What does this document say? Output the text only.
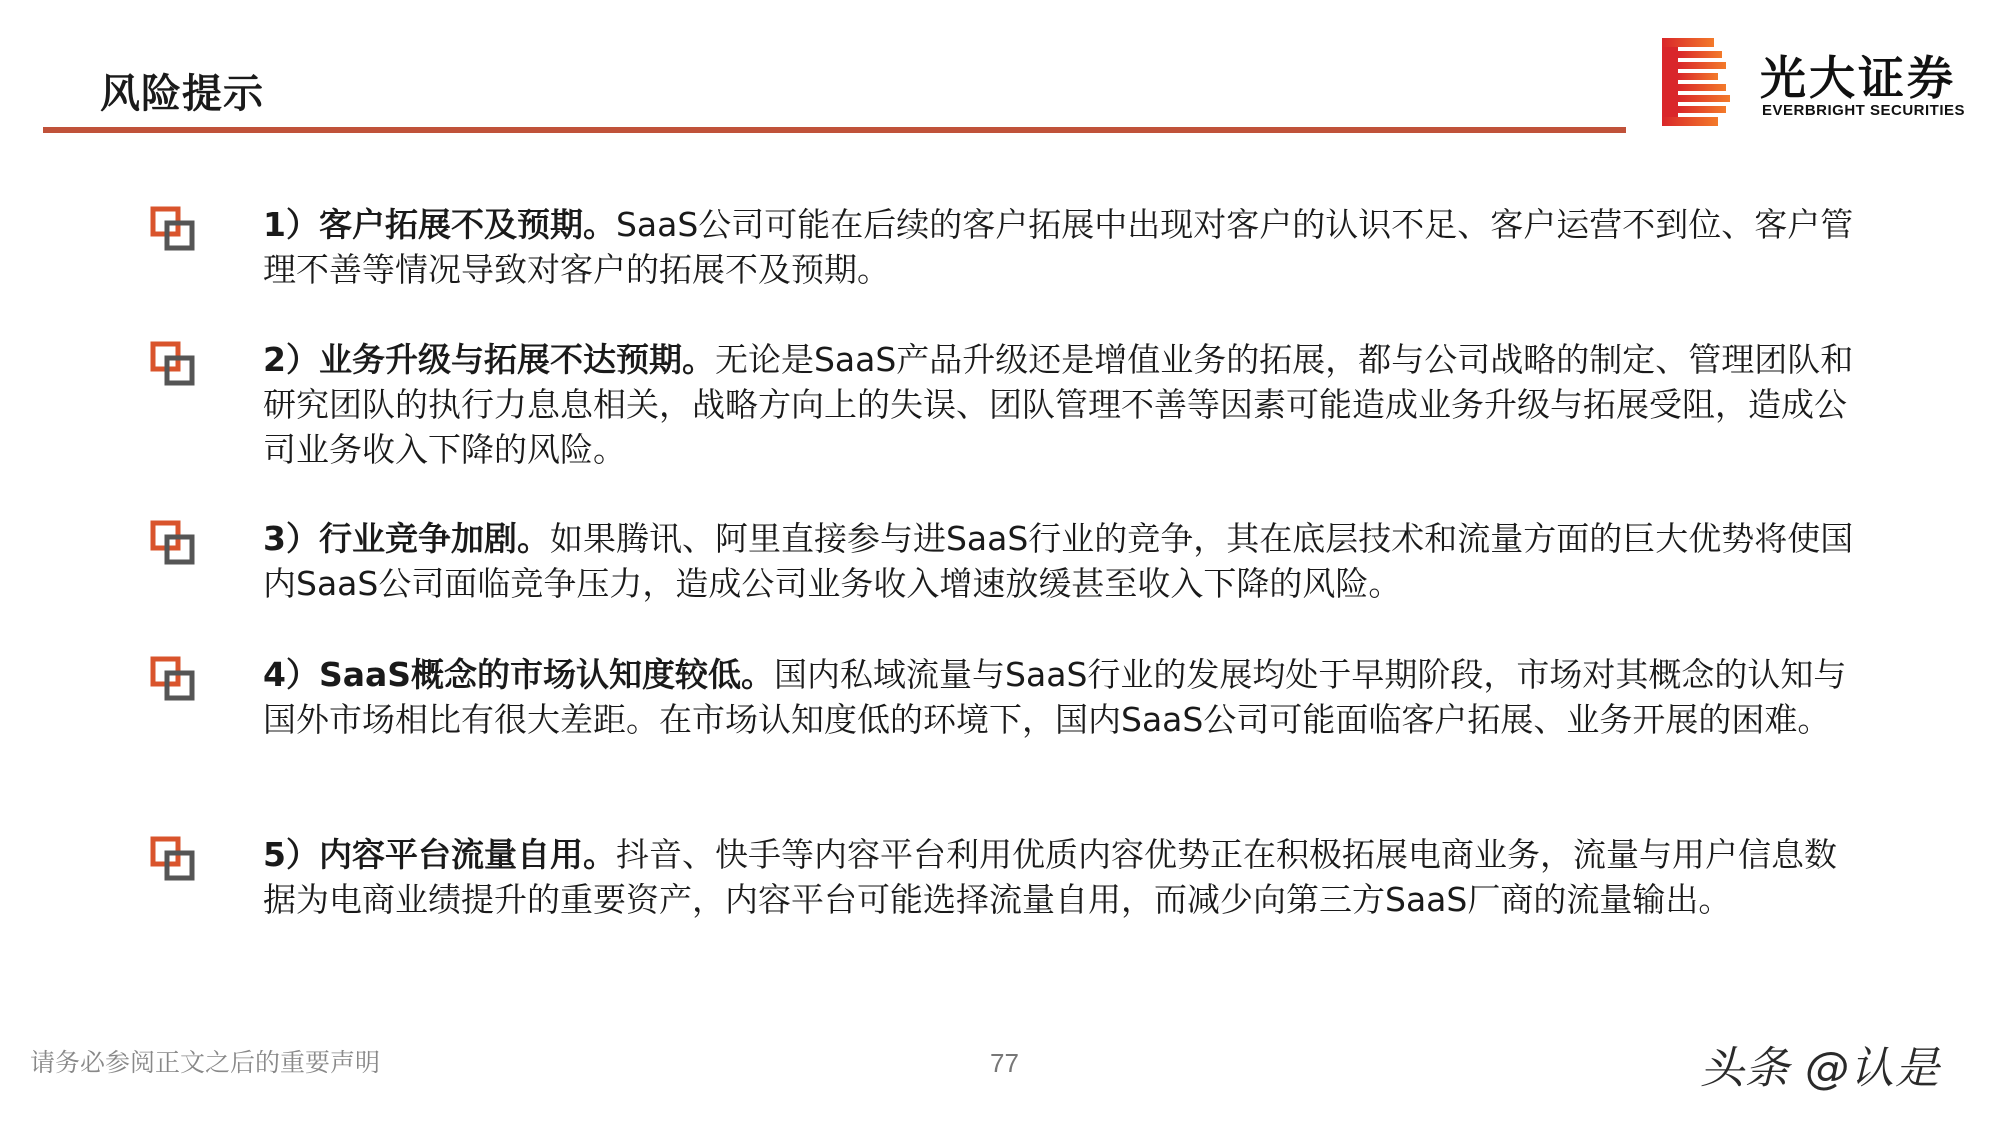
风险提示	光大证券
EVERBRIGHT SECURITIES
1）客户拓展不及预期。SaaS公司可能在后续的客户拓展中出现对客户的认识不足、客户运营不到位、客户管理不善等情况导致对客户的拓展不及预期。
2）业务升级与拓展不达预期。无论是SaaS产品升级还是增值业务的拓展，都与公司战略的制定、管理团队和研究团队的执行力息息相关，战略方向上的失误、团队管理不善等因素可能造成业务升级与拓展受阻，造成公司业务收入下降的风险。
3）行业竞争加剧。如果腾讯、阿里直接参与进SaaS行业的竞争，其在底层技术和流量方面的巨大优势将使国内SaaS公司面临竞争压力，造成公司业务收入增速放缓甚至收入下降的风险。
4）SaaS概念的市场认知度较低。国内私域流量与SaaS行业的发展均处于早期阶段，市场对其概念的认知与国外市场相比有很大差距。在市场认知度低的环境下，国内SaaS公司可能面临客户拓展、业务开展的困难。
5）内容平台流量自用。抖音、快手等内容平台利用优质内容优势正在积极拓展电商业务，流量与用户信息数据为电商业绩提升的重要资产，内容平台可能选择流量自用，而减少向第三方SaaS厂商的流量输出。
请务必参阅正文之后的重要声明	77	头条 @认是
